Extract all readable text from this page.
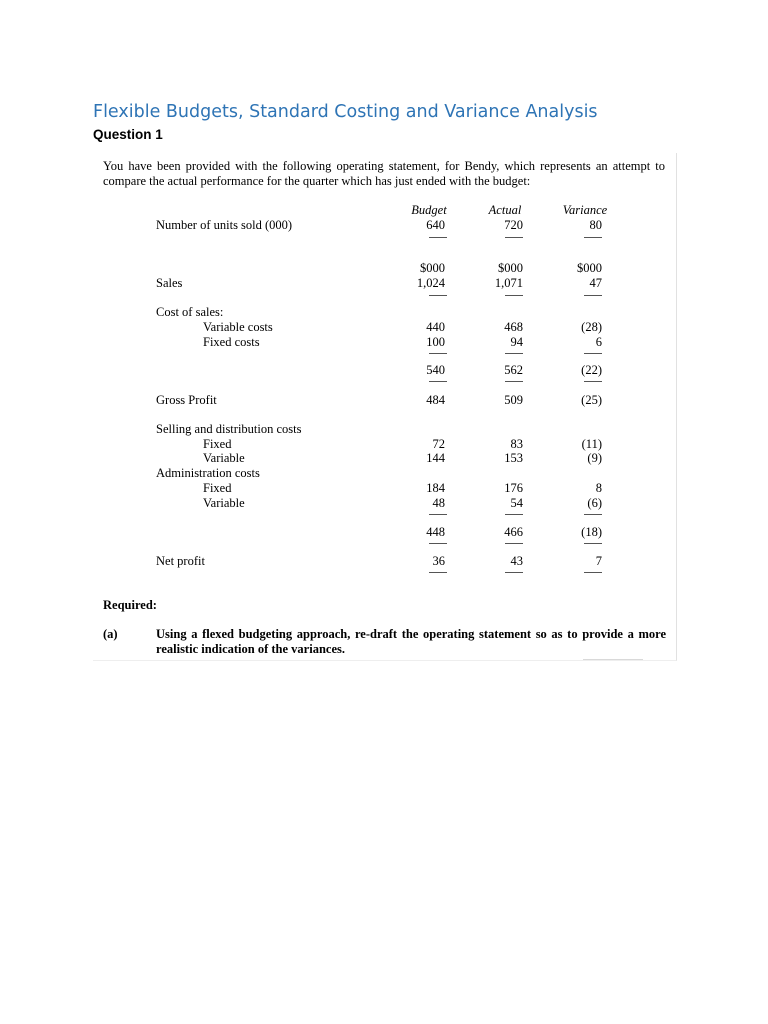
Flexible Budgets, Standard Costing and Variance Analysis
Question 1
You have been provided with the following operating statement, for Bendy, which represents an attempt to compare the actual performance for the quarter which has just ended with the budget:
Budget	Actual	Variance
Number of units sold (000)	640	720	80
$000	$000	$000
Sales	1,024	1,071	47
Cost of sales:
Variable costs	440	468	(28)
Fixed costs	100	94	6
540	562	(22)
Gross Profit	484	509	(25)
Selling and distribution costs
Fixed	72	83	(11)
Variable	144	153	(9)
Administration costs
Fixed	184	176	8
Variable	48	54	(6)
448	466	(18)
Net profit	36	43	7
Required:
(a)	Using a flexed budgeting approach, re-draft the operating statement so as to provide a more realistic indication of the variances.
